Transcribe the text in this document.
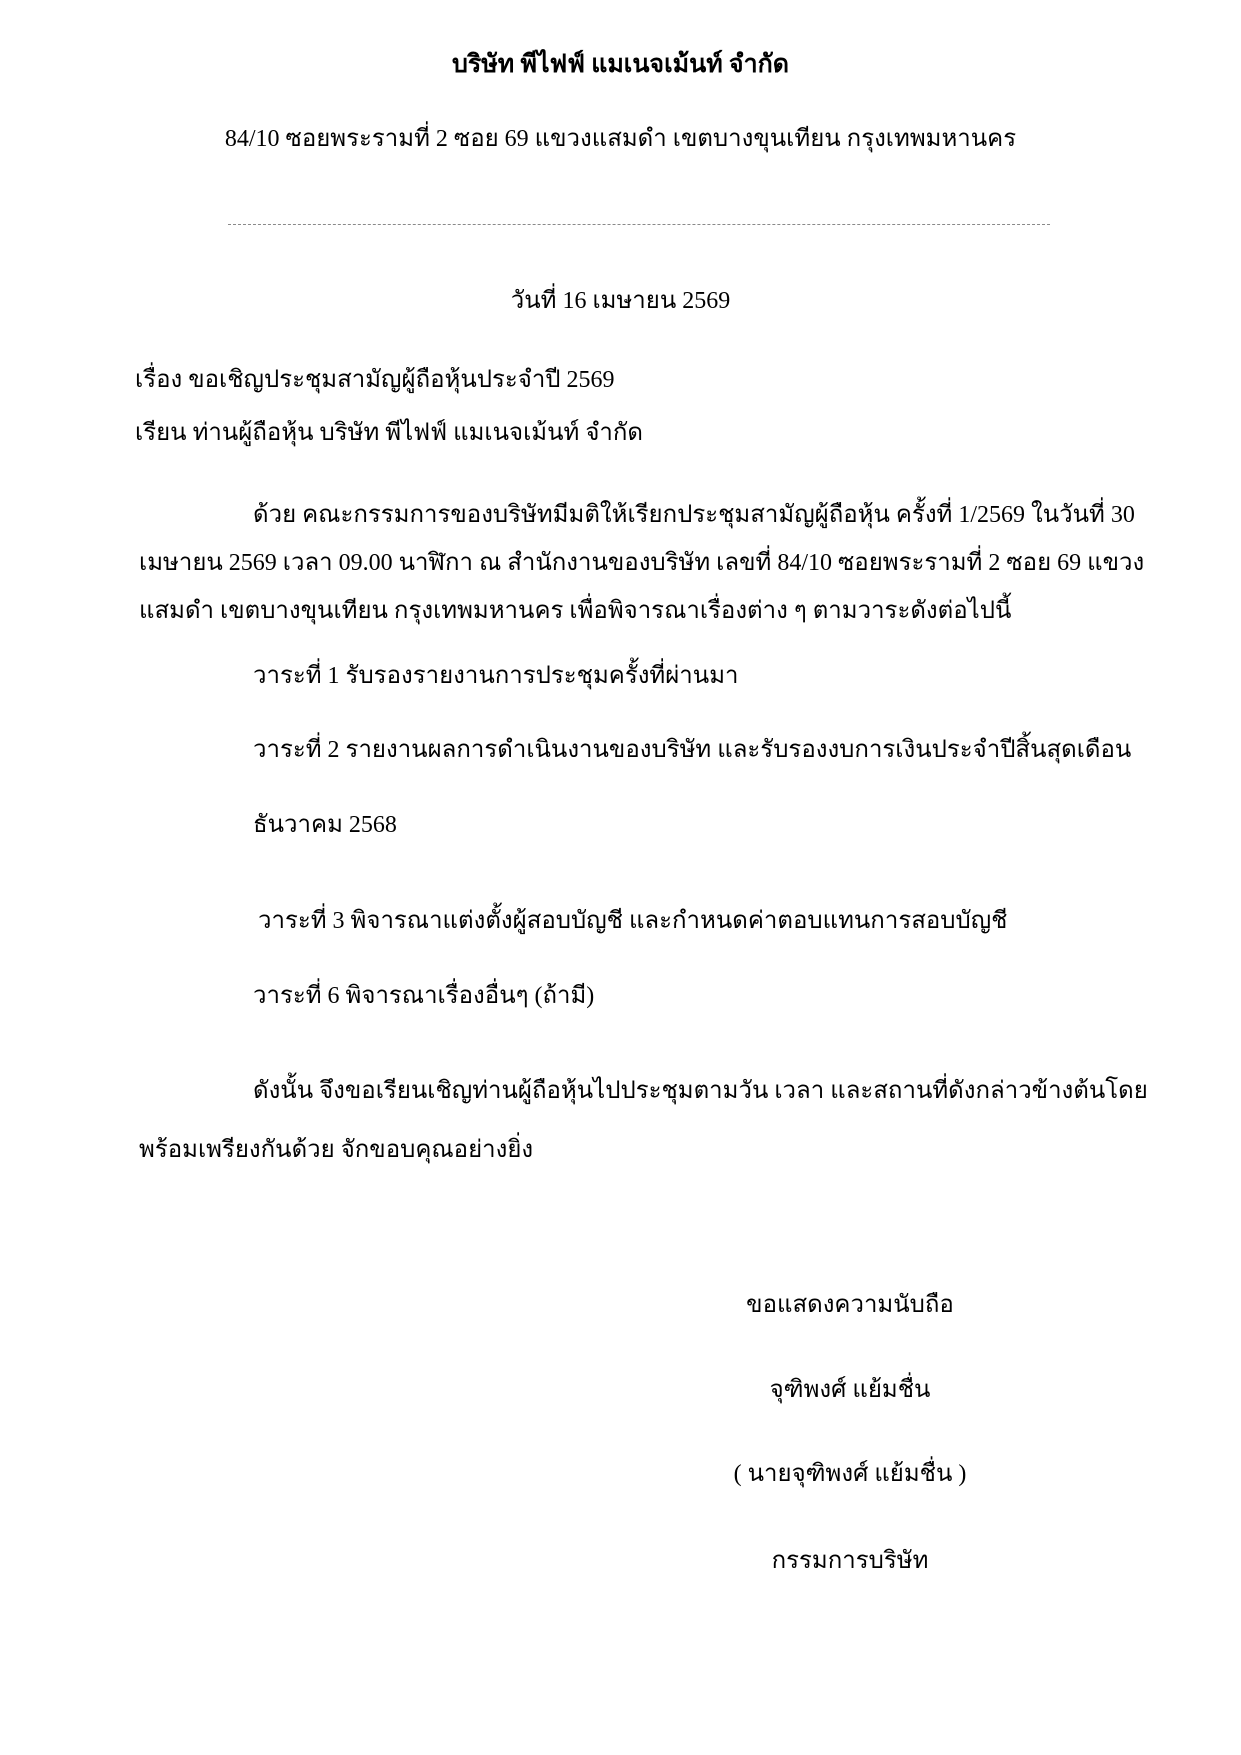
บริษัท พีไฟฟ์ แมเนจเม้นท์ จำกัด
84/10 ซอยพระรามที่ 2 ซอย 69 แขวงแสมดำ เขตบางขุนเทียน กรุงเทพมหานคร
วันที่ 16 เมษายน 2569
เรื่อง ขอเชิญประชุมสามัญผู้ถือหุ้นประจำปี 2569
เรียน ท่านผู้ถือหุ้น บริษัท พีไฟฟ์ แมเนจเม้นท์ จำกัด
ด้วย คณะกรรมการของบริษัทมีมติให้เรียกประชุมสามัญผู้ถือหุ้น ครั้งที่ 1/2569 ในวันที่ 30
เมษายน 2569 เวลา 09.00 นาฬิกา ณ สำนักงานของบริษัท เลขที่ 84/10 ซอยพระรามที่ 2 ซอย 69 แขวง
แสมดำ เขตบางขุนเทียน กรุงเทพมหานคร เพื่อพิจารณาเรื่องต่าง ๆ ตามวาระดังต่อไปนี้
วาระที่ 1 รับรองรายงานการประชุมครั้งที่ผ่านมา
วาระที่ 2 รายงานผลการดำเนินงานของบริษัท และรับรองงบการเงินประจำปีสิ้นสุดเดือน
ธันวาคม 2568
วาระที่ 3 พิจารณาแต่งตั้งผู้สอบบัญชี และกำหนดค่าตอบแทนการสอบบัญชี
วาระที่ 6 พิจารณาเรื่องอื่นๆ (ถ้ามี)
ดังนั้น จึงขอเรียนเชิญท่านผู้ถือหุ้นไปประชุมตามวัน เวลา และสถานที่ดังกล่าวข้างต้นโดย
พร้อมเพรียงกันด้วย จักขอบคุณอย่างยิ่ง
ขอแสดงความนับถือ
จุฑิพงศ์ แย้มชื่น
( นายจุฑิพงศ์ แย้มชื่น )
กรรมการบริษัท
